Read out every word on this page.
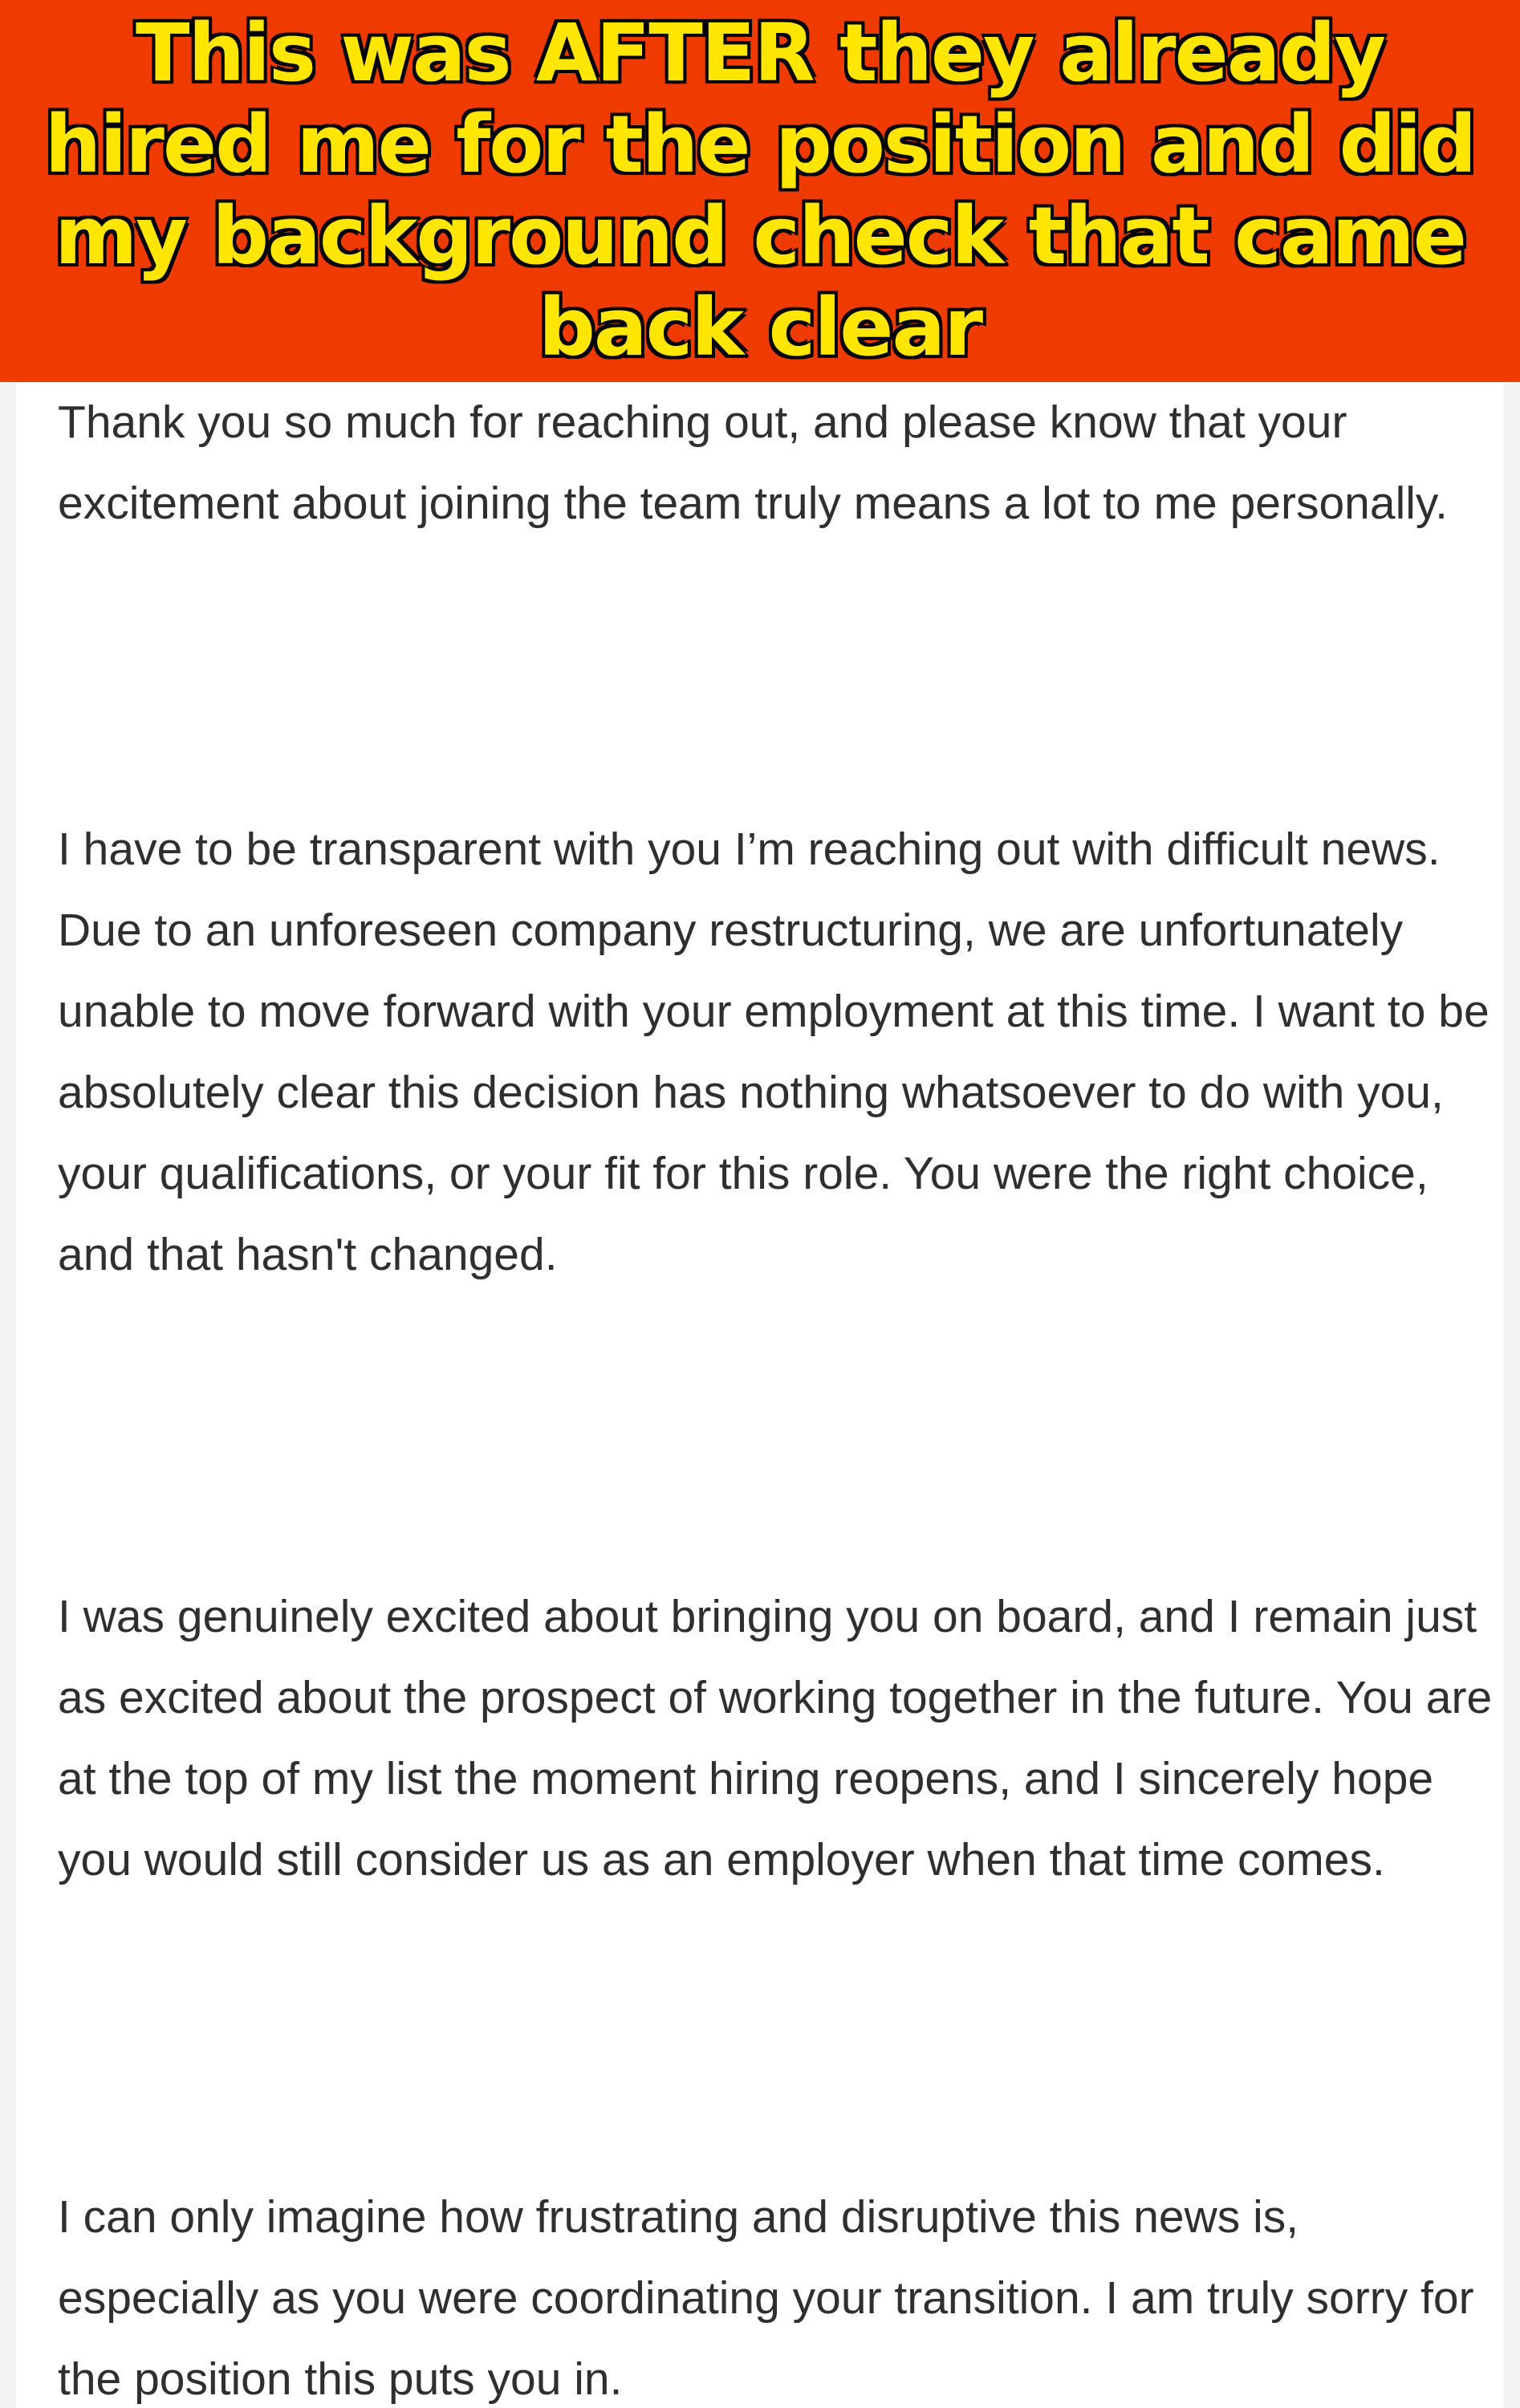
This was AFTER they already hired me for the position and did my background check that came back clear

Thank you so much for reaching out, and please know that your excitement about joining the team truly means a lot to me personally.

I have to be transparent with you I’m reaching out with difficult news. Due to an unforeseen company restructuring, we are unfortunately unable to move forward with your employment at this time. I want to be absolutely clear this decision has nothing whatsoever to do with you, your qualifications, or your fit for this role. You were the right choice, and that hasn't changed.

I was genuinely excited about bringing you on board, and I remain just as excited about the prospect of working together in the future. You are at the top of my list the moment hiring reopens, and I sincerely hope you would still consider us as an employer when that time comes.

I can only imagine how frustrating and disruptive this news is, especially as you were coordinating your transition. I am truly sorry for the position this puts you in.
